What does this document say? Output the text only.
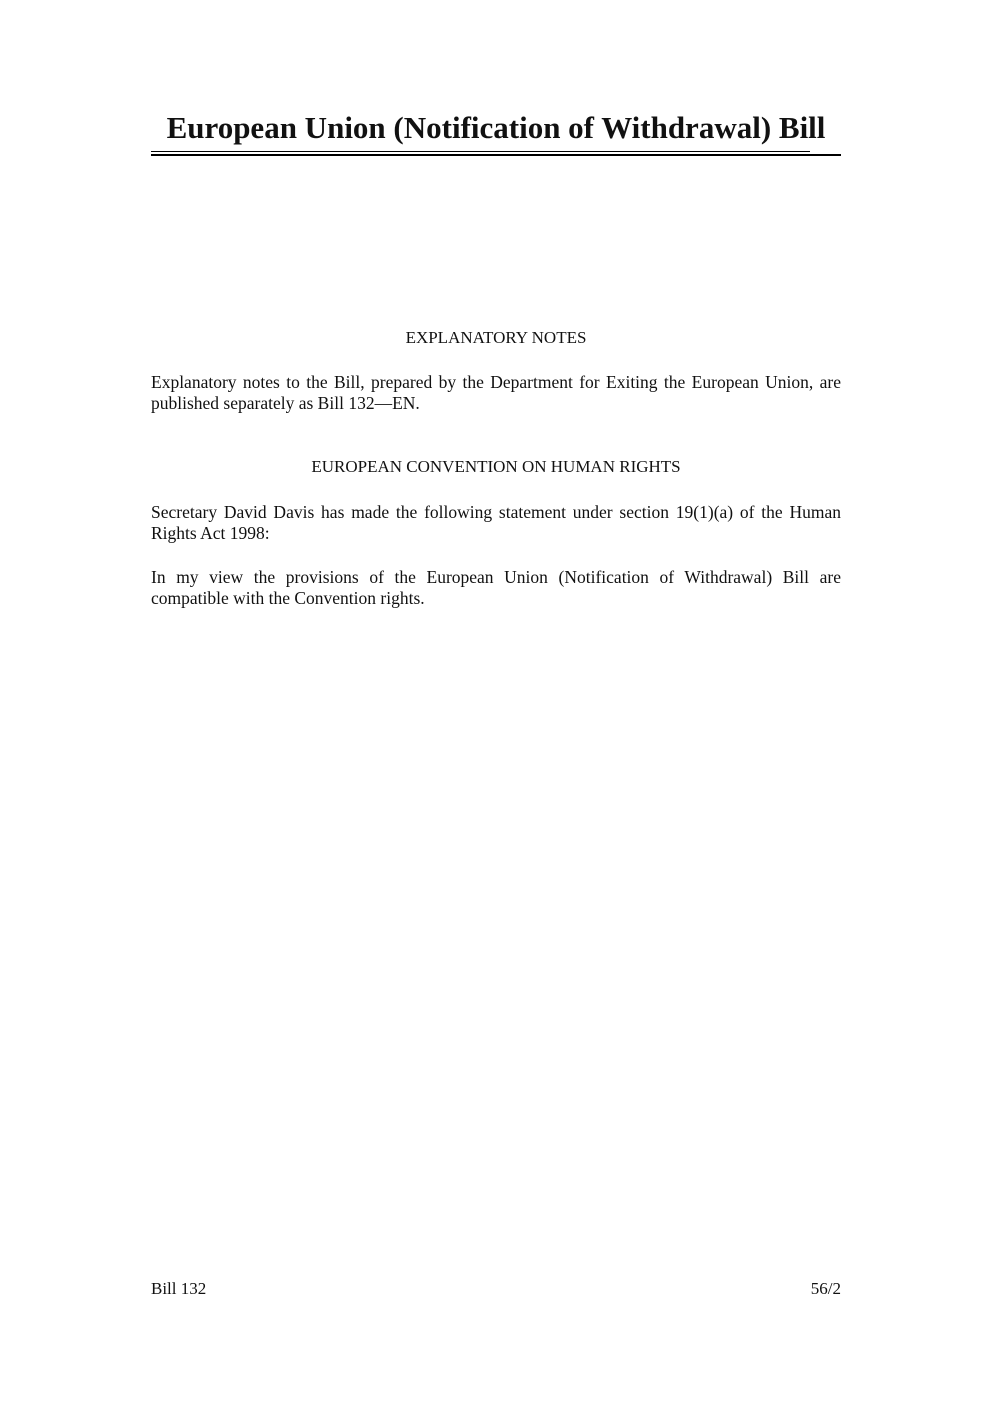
European Union (Notification of Withdrawal) Bill
EXPLANATORY NOTES
Explanatory notes to the Bill, prepared by the Department for Exiting the European Union, are published separately as Bill 132—EN.
EUROPEAN CONVENTION ON HUMAN RIGHTS
Secretary David Davis has made the following statement under section 19(1)(a) of the Human Rights Act 1998:
In my view the provisions of the European Union (Notification of Withdrawal) Bill are compatible with the Convention rights.
Bill 132	56/2
